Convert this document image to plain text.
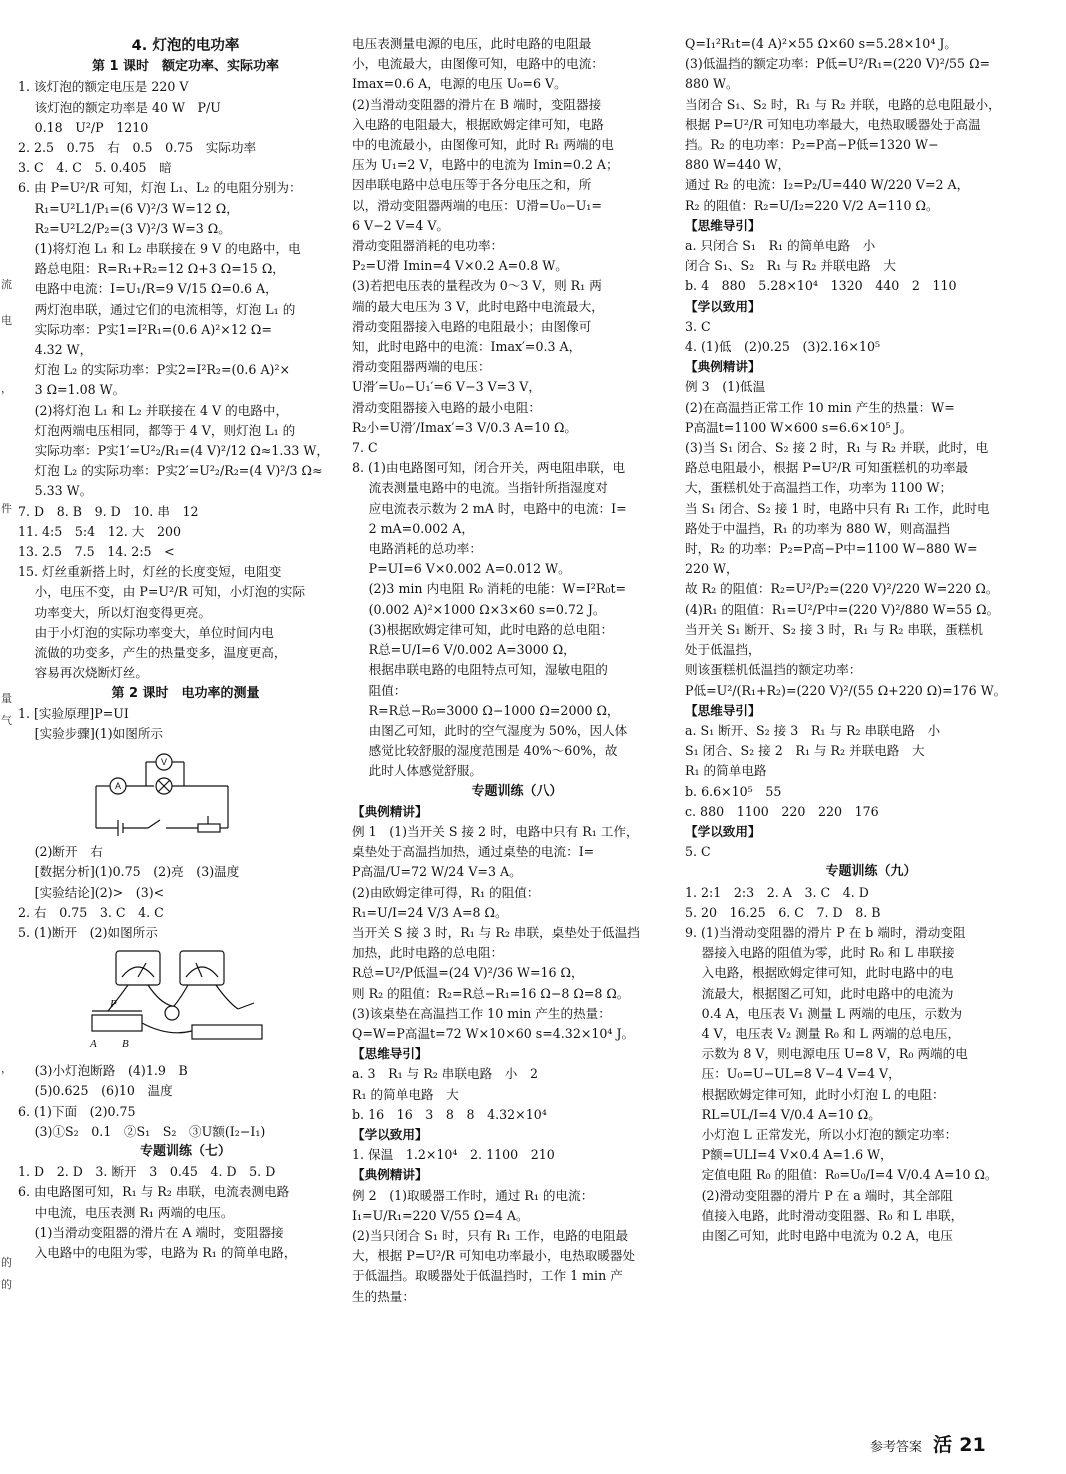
流
电
，
件
量
气
，
的
的
4. 灯泡的电功率
第 1 课时　额定功率、实际功率

1. 该灯泡的额定电压是 220 V

　 该灯泡的额定功率是 40 W　P/U

　 0.18　U²/P　1210

2. 2.5　0.75　右　0.5　0.75　实际功率

3. C　4. C　5. 0.405　暗

6. 由 P=U²/R 可知，灯泡 L₁、L₂ 的电阻分别为：

　 R₁=U²L1/P₁=(6 V)²/3 W=12 Ω，

　 R₂=U²L2/P₂=(3 V)²/3 W=3 Ω。

　 (1)将灯泡 L₁ 和 L₂ 串联接在 9 V 的电路中，电

　 路总电阻：R=R₁+R₂=12 Ω+3 Ω=15 Ω，

　 电路中电流：I=U₁/R=9 V/15 Ω=0.6 A，

　 两灯泡串联，通过它们的电流相等，灯泡 L₁ 的

　 实际功率：P实1=I²R₁=(0.6 A)²×12 Ω=

　 4.32 W，

　 灯泡 L₂ 的实际功率：P实2=I²R₂=(0.6 A)²×

　 3 Ω=1.08 W。

　 (2)将灯泡 L₁ 和 L₂ 并联接在 4 V 的电路中，

　 灯泡两端电压相同，都等于 4 V，则灯泡 L₁ 的

　 实际功率：P实1′=U²₂/R₁=(4 V)²/12 Ω≈1.33 W，

　 灯泡 L₂ 的实际功率：P实2′=U²₂/R₂=(4 V)²/3 Ω≈

　 5.33 W。

7. D　8. B　9. D　10. 串　12

11. 4:5　5:4　12. 大　200

13. 2.5　7.5　14. 2:5　<

15. 灯丝重新搭上时，灯丝的长度变短，电阻变

　 小，电压不变，由 P=U²/R 可知，小灯泡的实际

　 功率变大，所以灯泡变得更亮。

　 由于小灯泡的实际功率变大，单位时间内电

　 流做的功变多，产生的热量变多，温度更高，

　 容易再次烧断灯丝。

第 2 课时　电功率的测量

1. [实验原理]P=UI

　 [实验步骤](1)如图所示

A
V

　 (2)断开　右

　 [数据分析](1)0.75　(2)亮　(3)温度

　 [实验结论](2)>　(3)<

2. 右　0.75　3. C　4. C

5. (1)断开　(2)如图所示

P
A B

　 (3)小灯泡断路　(4)1.9　B

　 (5)0.625　(6)10　温度

6. (1)下面　(2)0.75

　 (3)①S₂　0.1　②S₁　S₂　③U额(I₂−I₁)

专题训练（七）

1. D　2. D　3. 断开　3　0.45　4. D　5. D

6. 由电路图可知，R₁ 与 R₂ 串联，电流表测电路

　 中电流，电压表测 R₁ 两端的电压。

　 (1)当滑动变阻器的滑片在 A 端时，变阻器接

　 入电路中的电阻为零，电路为 R₁ 的简单电路，

电压表测量电源的电压，此时电路的电阻最

小，电流最大，由图像可知，电路中的电流：

Imax=0.6 A，电源的电压 U₀=6 V。

(2)当滑动变阻器的滑片在 B 端时，变阻器接

入电路的电阻最大，根据欧姆定律可知，电路

中的电流最小，由图像可知，此时 R₁ 两端的电

压为 U₁=2 V，电路中的电流为 Imin=0.2 A；

因串联电路中总电压等于各分电压之和，所

以，滑动变阻器两端的电压：U滑=U₀−U₁=

6 V−2 V=4 V。

滑动变阻器消耗的电功率：

P₂=U滑 Imin=4 V×0.2 A=0.8 W。

(3)若把电压表的量程改为 0～3 V，则 R₁ 两

端的最大电压为 3 V，此时电路中电流最大，

滑动变阻器接入电路的电阻最小；由图像可

知，此时电路中的电流：Imax′=0.3 A，

滑动变阻器两端的电压：

U滑′=U₀−U₁′=6 V−3 V=3 V，

滑动变阻器接入电路的最小电阻：

R₂小=U滑′/Imax′=3 V/0.3 A=10 Ω。

7. C

8. (1)由电路图可知，闭合开关，两电阻串联，电

　 流表测量电路中的电流。当指针所指湿度对

　 应电流表示数为 2 mA 时，电路中的电流：I=

　 2 mA=0.002 A，

　 电路消耗的总功率：

　 P=UI=6 V×0.002 A=0.012 W。

　 (2)3 min 内电阻 R₀ 消耗的电能：W=I²R₀t=

　 (0.002 A)²×1000 Ω×3×60 s=0.72 J。

　 (3)根据欧姆定律可知，此时电路的总电阻：

　 R总=U/I=6 V/0.002 A=3000 Ω，

　 根据串联电路的电阻特点可知，湿敏电阻的

　 阻值：

　 R=R总−R₀=3000 Ω−1000 Ω=2000 Ω，

　 由图乙可知，此时的空气湿度为 50%，因人体

　 感觉比较舒服的湿度范围是 40%～60%，故

　 此时人体感觉舒服。

专题训练（八）

【典例精讲】

例 1　(1)当开关 S 接 2 时，电路中只有 R₁ 工作，

桌垫处于高温挡加热，通过桌垫的电流：I=

P高温/U=72 W/24 V=3 A。

(2)由欧姆定律可得，R₁ 的阻值：

R₁=U/I=24 V/3 A=8 Ω。

当开关 S 接 3 时，R₁ 与 R₂ 串联，桌垫处于低温挡

加热，此时电路的总电阻：

R总=U²/P低温=(24 V)²/36 W=16 Ω，

则 R₂ 的阻值：R₂=R总−R₁=16 Ω−8 Ω=8 Ω。

(3)该桌垫在高温挡工作 10 min 产生的热量：

Q=W=P高温t=72 W×10×60 s=4.32×10⁴ J。

【思维导引】

a. 3　R₁ 与 R₂ 串联电路　小　2

R₁ 的简单电路　大

b. 16　16　3　8　8　4.32×10⁴

【学以致用】

1. 保温　1.2×10⁴　2. 1100　210

【典例精讲】

例 2　(1)取暖器工作时，通过 R₁ 的电流：

I₁=U/R₁=220 V/55 Ω=4 A。

(2)当只闭合 S₁ 时，只有 R₁ 工作，电路的电阻最

大，根据 P=U²/R 可知电功率最小，电热取暖器处

于低温挡。取暖器处于低温挡时，工作 1 min 产

生的热量：

Q=I₁²R₁t=(4 A)²×55 Ω×60 s=5.28×10⁴ J。

(3)低温挡的额定功率：P低=U²/R₁=(220 V)²/55 Ω=

880 W。

当闭合 S₁、S₂ 时，R₁ 与 R₂ 并联，电路的总电阻最小，

根据 P=U²/R 可知电功率最大，电热取暖器处于高温

挡。R₂ 的电功率：P₂=P高−P低=1320 W−

880 W=440 W，

通过 R₂ 的电流：I₂=P₂/U=440 W/220 V=2 A，

R₂ 的阻值：R₂=U/I₂=220 V/2 A=110 Ω。

【思维导引】

a. 只闭合 S₁　R₁ 的简单电路　小

闭合 S₁、S₂　R₁ 与 R₂ 并联电路　大

b. 4　880　5.28×10⁴　1320　440　2　110

【学以致用】

3. C

4. (1)低　(2)0.25　(3)2.16×10⁵

【典例精讲】

例 3　(1)低温

(2)在高温挡正常工作 10 min 产生的热量：W=

P高温t=1100 W×600 s=6.6×10⁵ J。

(3)当 S₁ 闭合、S₂ 接 2 时，R₁ 与 R₂ 并联，此时，电

路总电阻最小，根据 P=U²/R 可知蛋糕机的功率最

大，蛋糕机处于高温挡工作，功率为 1100 W；

当 S₁ 闭合、S₂ 接 1 时，电路中只有 R₁ 工作，此时电

路处于中温挡，R₁ 的功率为 880 W，则高温挡

时，R₂ 的功率：P₂=P高−P中=1100 W−880 W=

220 W，

故 R₂ 的阻值：R₂=U²/P₂=(220 V)²/220 W=220 Ω。

(4)R₁ 的阻值：R₁=U²/P中=(220 V)²/880 W=55 Ω。

当开关 S₁ 断开、S₂ 接 3 时，R₁ 与 R₂ 串联，蛋糕机

处于低温挡，

则该蛋糕机低温挡的额定功率：

P低=U²/(R₁+R₂)=(220 V)²/(55 Ω+220 Ω)=176 W。

【思维导引】

a. S₁ 断开、S₂ 接 3　R₁ 与 R₂ 串联电路　小

S₁ 闭合、S₂ 接 2　R₁ 与 R₂ 并联电路　大

R₁ 的简单电路

b. 6.6×10⁵　55

c. 880　1100　220　220　176

【学以致用】

5. C

专题训练（九）

1. 2:1　2:3　2. A　3. C　4. D

5. 20　16.25　6. C　7. D　8. B

9. (1)当滑动变阻器的滑片 P 在 b 端时，滑动变阻

　 器接入电路的阻值为零，此时 R₀ 和 L 串联接

　 入电路，根据欧姆定律可知，此时电路中的电

　 流最大，根据图乙可知，此时电路中的电流为

　 0.4 A，电压表 V₁ 测量 L 两端的电压，示数为

　 4 V，电压表 V₂ 测量 R₀ 和 L 两端的总电压，

　 示数为 8 V，则电源电压 U=8 V，R₀ 两端的电

　 压：U₀=U−UL=8 V−4 V=4 V，

　 根据欧姆定律可知，此时小灯泡 L 的电阻：

　 RL=UL/I=4 V/0.4 A=10 Ω。

　 小灯泡 L 正常发光，所以小灯泡的额定功率：

　 P额=ULI=4 V×0.4 A=1.6 W，

　 定值电阻 R₀ 的阻值：R₀=U₀/I=4 V/0.4 A=10 Ω。

　 (2)滑动变阻器的滑片 P 在 a 端时，其全部阻

　 值接入电路，此时滑动变阻器、R₀ 和 L 串联，

　 由图乙可知，此时电路中电流为 0.2 A，电压

参考答案 活 21
